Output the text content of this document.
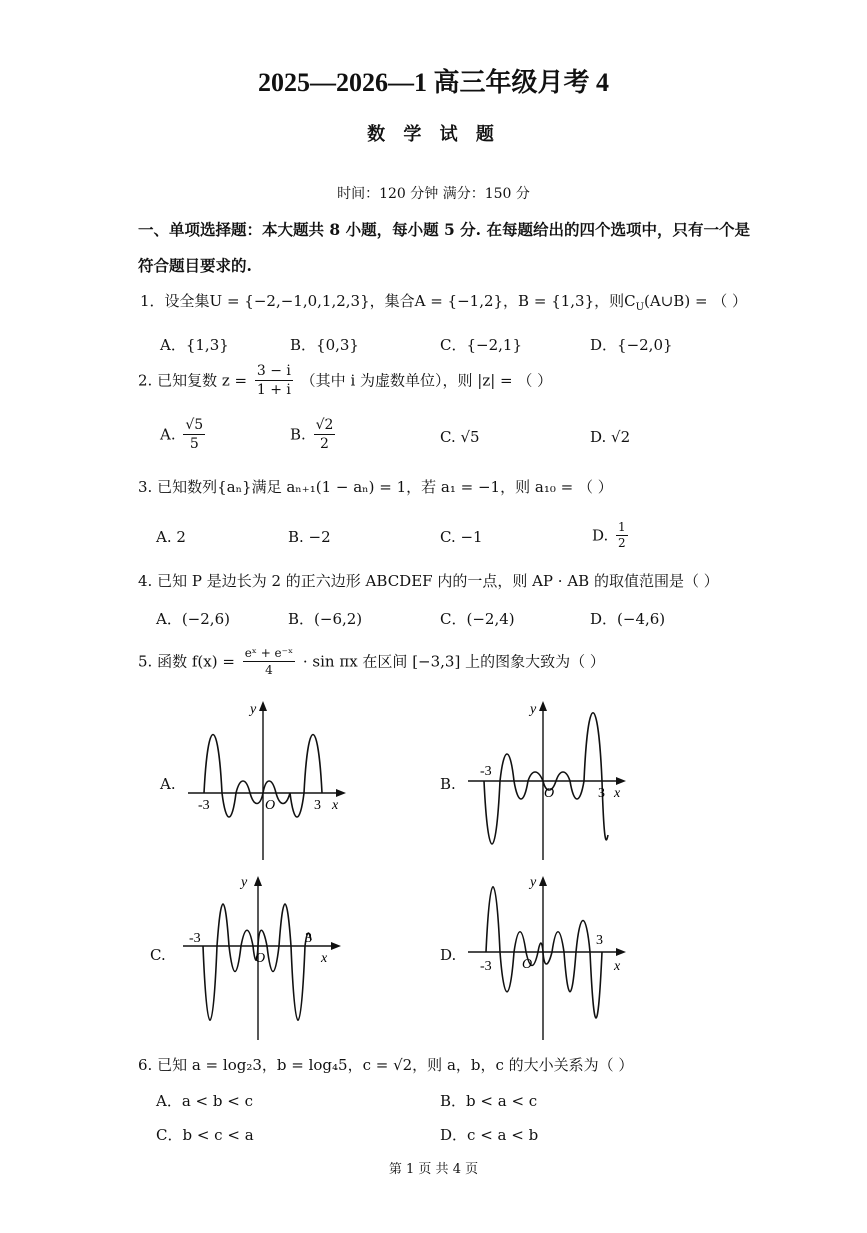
2025—2026—1 高三年级月考 4
数 学 试 题
时间：120 分钟 满分：150 分
一、单项选择题：本大题共 8 小题，每小题 5 分. 在每题给出的四个选项中，只有一个是
符合题目要求的.
1．设全集U = {−2,−1,0,1,2,3}，集合A = {−1,2}，B = {1,3}，则$C_U(A\cup B)$ = （ ）
A．{1,3}	B．{0,3}	C．{−2,1}	D．{−2,0}
2. 已知复数 $z = \frac{3 - i}{1 + i}$ （其中 i 为虚数单位），则 |z| = （ ）
A. $\frac{√5}{5}$	B. $\frac{√2}{2}$	C. √5	D. √2
3. 已知数列{aₙ}满足 aₙ₊₁(1 − aₙ) = 1，若 a₁ = −1，则 a₁₀ = （ ）
A. 2	B. −2	C. −1	D. $\frac{1}{2}$
4. 已知 P 是边长为 2 的正六边形 ABCDEF 内的一点，则 AP · AB 的取值范围是（ ）
A．(−2,6)	B．(−6,2)	C．(−2,4)	D．(−4,6)
5. 函数 $f(x) = \frac{\text{eˣ + e⁻ˣ}}{4} \cdot \sin \pi x$ 在区间 [−3,3] 上的图象大致为（ ）
A.	B.
C.	D.
-3	3
O	x
y
-3
3
O	x
y
-3	3
O	x
y
-3
3
O	x
y
6. 已知 a = log₂3，b = log₄5，c = √2，则 a，b，c 的大小关系为（ ）
A．a < b < c	B．b < a < c
C．b < c < a	D．c < a < b
第 1 页 共 4 页
